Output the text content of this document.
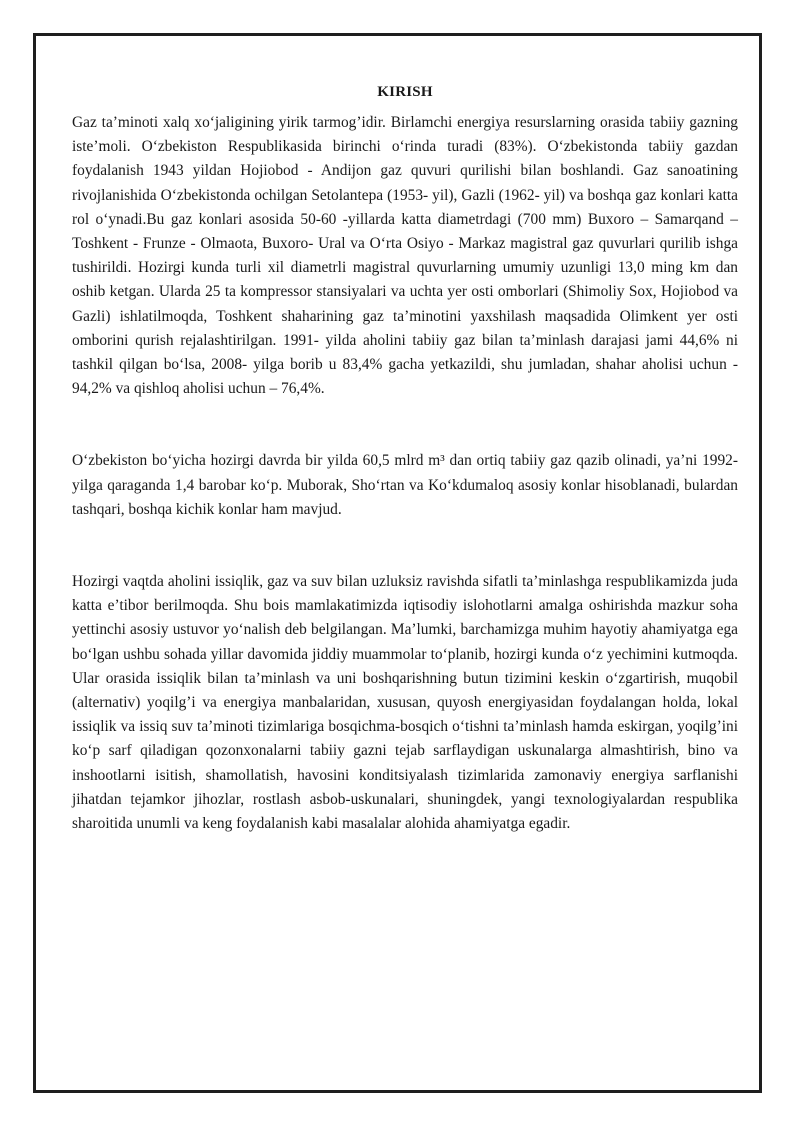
KIRISH

Gaz ta’minoti xalq xo‘jaligining yirik tarmog’idir. Birlamchi energiya resurslarning orasida tabiiy gazning iste’moli. O‘zbekiston Respublikasida birinchi o‘rinda turadi (83%). O‘zbekistonda tabiiy gazdan foydalanish 1943 yildan Hojiobod - Andijon gaz quvuri qurilishi bilan boshlandi. Gaz sanoatining rivojlanishida O‘zbekistonda ochilgan Setolantepa (1953- yil), Gazli (1962- yil) va boshqa gaz konlari katta rol o‘ynadi.Bu gaz konlari asosida 50-60 -yillarda katta diametrdagi (700 mm) Buxoro – Samarqand – Toshkent - Frunze - Olmaota, Buxoro- Ural va O‘rta Osiyo - Markaz magistral gaz quvurlari qurilib ishga tushirildi. Hozirgi kunda turli xil diametrli magistral quvurlarning umumiy uzunligi 13,0 ming km dan oshib ketgan. Ularda 25 ta kompressor stansiyalari va uchta yer osti omborlari (Shimoliy Sox, Hojiobod va Gazli) ishlatilmoqda, Toshkent shaharining gaz ta’minotini yaxshilash maqsadida Olimkent yer osti omborini qurish rejalashtirilgan. 1991- yilda aholini tabiiy gaz bilan ta’minlash darajasi jami 44,6% ni tashkil qilgan bo‘lsa, 2008- yilga borib u 83,4% gacha yetkazildi, shu jumladan, shahar aholisi uchun - 94,2% va qishloq aholisi uchun – 76,4%.

O‘zbekiston bo‘yicha hozirgi davrda bir yilda 60,5 mlrd m³ dan ortiq tabiiy gaz qazib olinadi, ya’ni 1992- yilga qaraganda 1,4 barobar ko‘p. Muborak, Sho‘rtan va Ko‘kdumaloq asosiy konlar hisoblanadi, bulardan tashqari, boshqa kichik konlar ham mavjud.

Hozirgi vaqtda aholini issiqlik, gaz va suv bilan uzluksiz ravishda sifatli ta’minlashga respublikamizda juda katta e’tibor berilmoqda. Shu bois mamlakatimizda iqtisodiy islohotlarni amalga oshirishda mazkur soha yettinchi asosiy ustuvor yo‘nalish deb belgilangan. Ma’lumki, barchamizga muhim hayotiy ahamiyatga ega bo‘lgan ushbu sohada yillar davomida jiddiy muammolar to‘planib, hozirgi kunda o‘z yechimini kutmoqda. Ular orasida issiqlik bilan ta’minlash va uni boshqarishning butun tizimini keskin o‘zgartirish, muqobil (alternativ) yoqilg’i va energiya manbalaridan, xususan, quyosh energiyasidan foydalangan holda, lokal issiqlik va issiq suv ta’minoti tizimlariga bosqichma-bosqich o‘tishni ta’minlash hamda eskirgan, yoqilg’ini ko‘p sarf qiladigan qozonxonalarni tabiiy gazni tejab sarflaydigan uskunalarga almashtirish, bino va inshootlarni isitish, shamollatish, havosini konditsiyalash tizimlarida zamonaviy energiya sarflanishi jihatdan tejamkor jihozlar, rostlash asbob-uskunalari, shuningdek, yangi texnologiyalardan respublika sharoitida unumli va keng foydalanish kabi masalalar alohida ahamiyatga egadir.
